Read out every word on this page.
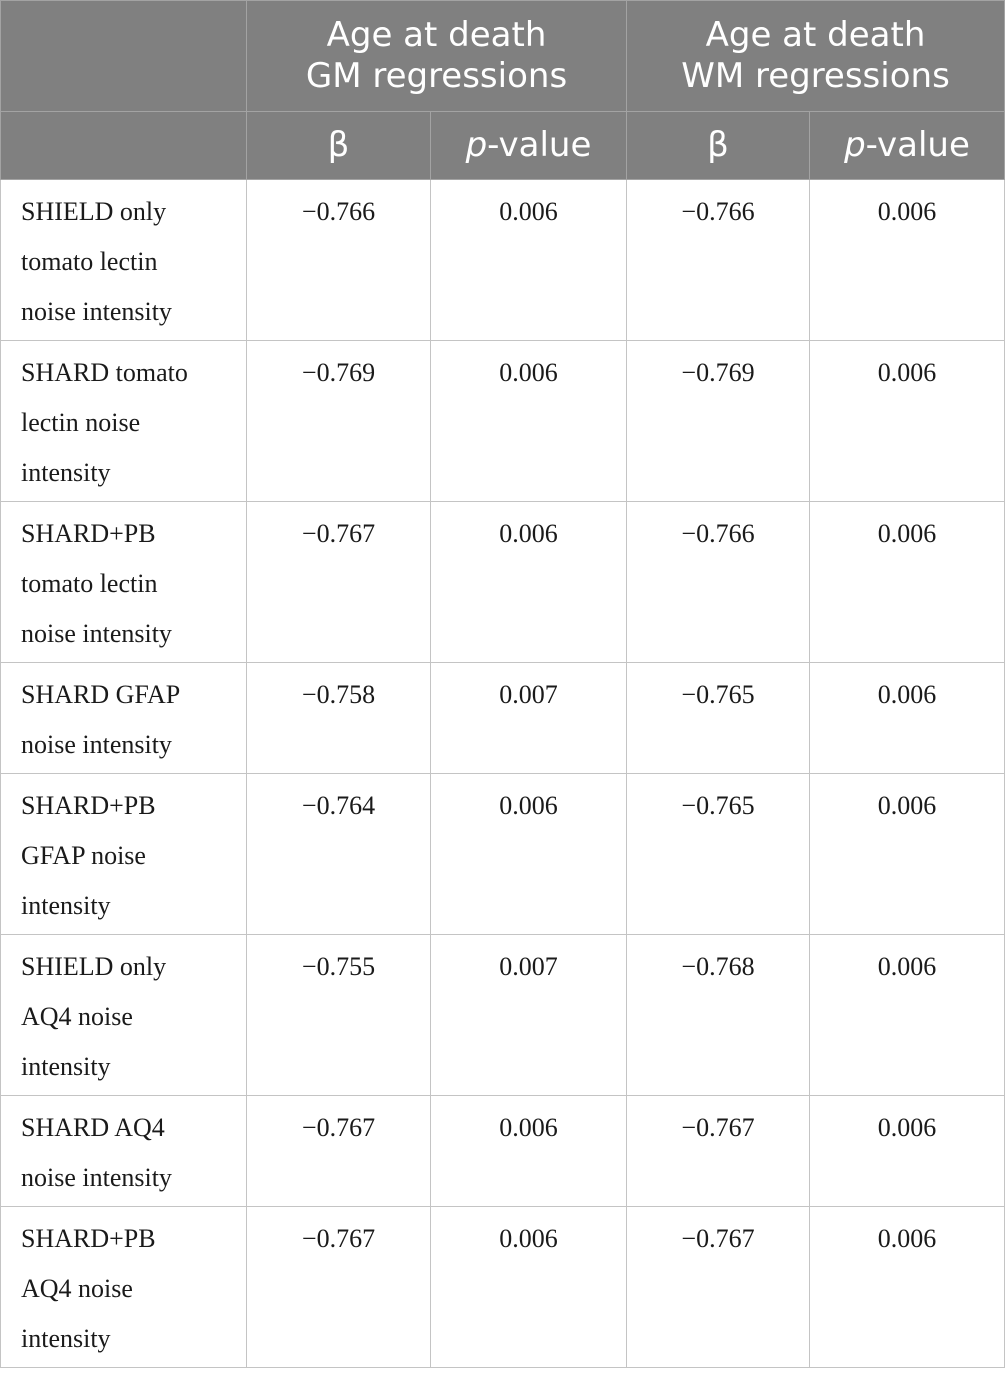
	Age at death
GM regressions		Age at death
WM regressions	

	β	p-value	β	p-value

SHIELD only
tomato lectin
noise intensity	−0.766	0.006	−0.766	0.006

SHARD tomato
lectin noise
intensity	−0.769	0.006	−0.769	0.006

SHARD+PB
tomato lectin
noise intensity	−0.767	0.006	−0.766	0.006

SHARD GFAP
noise intensity	−0.758	0.007	−0.765	0.006

SHARD+PB
GFAP noise
intensity	−0.764	0.006	−0.765	0.006

SHIELD only
AQ4 noise
intensity	−0.755	0.007	−0.768	0.006

SHARD AQ4
noise intensity	−0.767	0.006	−0.767	0.006

SHARD+PB
AQ4 noise
intensity	−0.767	0.006	−0.767	0.006
